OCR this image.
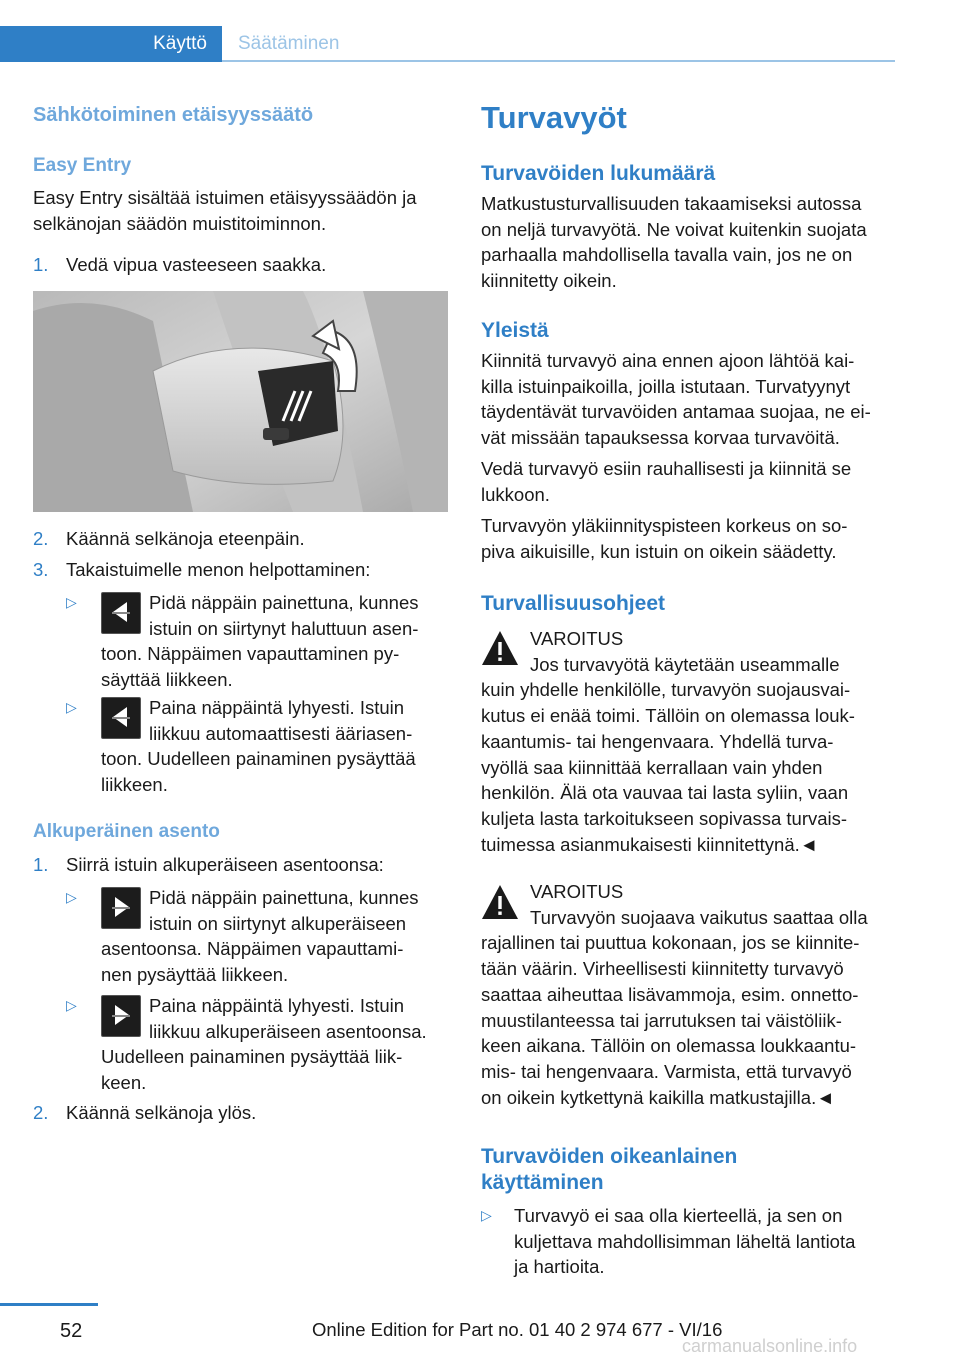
Käyttö Säätäminen
Sähkötoiminen etäisyyssäätö
Easy Entry

Easy Entry sisältää istuimen etäisyyssäädön ja

selkänojan säädön muistitoiminnon.

1. Vedä vipua vasteeseen saakka.
2. Käännä selkänoja eteenpäin.
3. Takaistuimelle menon helpottaminen:
▷	Pidä näppäin painettuna, kunnes

istuin on siirtynyt haluttuun asen-

toon. Näppäimen vapauttaminen py-

säyttää liikkeen.

▷	Paina näppäintä lyhyesti. Istuin

liikkuu automaattisesti ääriasen-

toon. Uudelleen painaminen pysäyttää

liikkeen.

Alkuperäinen asento
1. Siirrä istuin alkuperäiseen asentoonsa:
▷	Pidä näppäin painettuna, kunnes

istuin on siirtynyt alkuperäiseen

asentoonsa. Näppäimen vapauttami-

nen pysäyttää liikkeen.

▷	Paina näppäintä lyhyesti. Istuin

liikkuu alkuperäiseen asentoonsa.

Uudelleen painaminen pysäyttää liik-

keen.

2. Käännä selkänoja ylös.
Turvavyöt
Turvavöiden lukumäärä

Matkustusturvallisuuden takaamiseksi autossa

on neljä turvavyötä. Ne voivat kuitenkin suojata

parhaalla mahdollisella tavalla vain, jos ne on

kiinnitetty oikein.

Yleistä

Kiinnitä turvavyö aina ennen ajoon lähtöä kai-

killa istuinpaikoilla, joilla istutaan. Turvatyynyt

täydentävät turvavöiden antamaa suojaa, ne ei-

vät missään tapauksessa korvaa turvavöitä.

Vedä turvavyö esiin rauhallisesti ja kiinnitä se

lukkoon.

Turvavyön yläkiinnityspisteen korkeus on so-

piva aikuisille, kun istuin on oikein säädetty.

Turvallisuusohjeet

VAROITUS

Jos turvavyötä käytetään useammalle

kuin yhdelle henkilölle, turvavyön suojausvai-

kutus ei enää toimi. Tällöin on olemassa louk-

kaantumis- tai hengenvaara. Yhdellä turva-

vyöllä saa kiinnittää kerrallaan vain yhden

henkilön. Älä ota vauvaa tai lasta syliin, vaan

kuljeta lasta tarkoitukseen sopivassa turvais-

tuimessa asianmukaisesti kiinnitettynä.◄

VAROITUS

Turvavyön suojaava vaikutus saattaa olla

rajallinen tai puuttua kokonaan, jos se kiinnite-

tään väärin. Virheellisesti kiinnitetty turvavyö

saattaa aiheuttaa lisävammoja, esim. onnetto-

muustilanteessa tai jarrutuksen tai väistöliik-

keen aikana. Tällöin on olemassa loukkaantu-

mis- tai hengenvaara. Varmista, että turvavyö

on oikein kytkettynä kaikilla matkustajilla.◄

Turvavöiden oikeanlainen
käyttäminen
▷ Turvavyö ei saa olla kierteellä, ja sen on

kuljettava mahdollisimman läheltä lantiota

ja hartioita.

52	Online Edition for Part no. 01 40 2 974 677 - VI/16
carmanualsonline.info
